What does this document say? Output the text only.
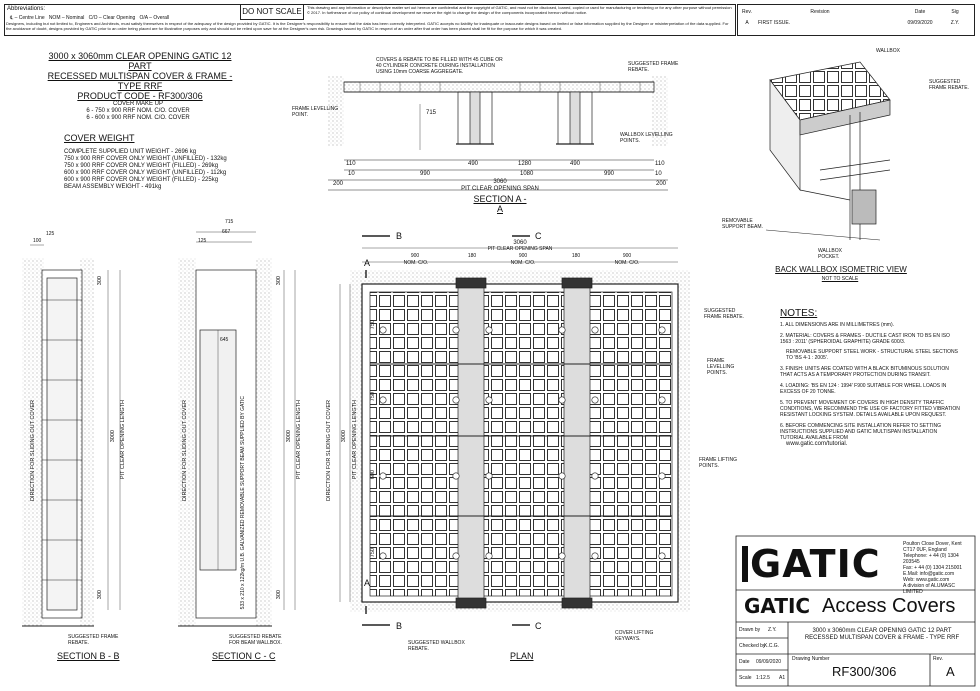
Abbreviations:
℄ – Centre Line NOM – Nominal C/O – Clear Opening O/A – Overall
DO NOT SCALE	This drawing and any information or descriptive matter set out hereon are confidential and the copyright of GATIC, and must not be disclosed, loaned, copied or used for manufacturing or tendering or for any other purpose without permission © 2017. In furtherance of our policy of continual development we reserve the right to change the design of the components incorporated hereon without notice.
Designers, including but not limited to, Engineers and Architects, must satisfy themselves in respect of the adequacy of the design provided by GATIC. It is the Designer's responsibility to ensure that the data has been correctly interpreted. GATIC accepts no liability for inadequate or inaccurate designs based on limited or false information supplied by the Designer or misinterpretation of the data supplied. For the avoidance of doubt, designs provided by GATIC prior to an order being placed are for illustrative purposes only and should not be relied upon save for at the Designer's own risk. Drawings issued by GATIC in respect of an order after that order has been placed shall be fit for the purpose for which it was created.
Rev.	Revision	Date	Sig
A	FIRST ISSUE.	09/09/2020	Z.Y.
3000 x 3060mm CLEAR OPENING GATIC 12 PART
RECESSED MULTISPAN COVER & FRAME - TYPE RRF
PRODUCT CODE - RF300/306
COVER MAKE UP
6 - 750 x 900 RRF NOM. C/O. COVER
6 - 600 x 900 RRF NOM. C/O. COVER
COVER WEIGHT
COMPLETE SUPPLIED UNIT WEIGHT - 2696 kg
750 x 900 RRF COVER ONLY WEIGHT (UNFILLED) - 132kg
750 x 900 RRF COVER ONLY WEIGHT (FILLED) - 269kg
600 x 900 RRF COVER ONLY WEIGHT (UNFILLED) - 112kg
600 x 900 RRF COVER ONLY WEIGHT (FILLED) - 225kg
BEAM ASSEMBLY WEIGHT - 491kg
COVERS & REBATE TO BE FILLED WITH 45 CUBE OR 40 CYLINDER CONCRETE DURING INSTALLATION USING 10mm COARSE AGGREGATE.
SUGGESTED FRAME REBATE.
FRAME LEVELLING POINT.
WALLBOX LEVELLING POINTS.
715
110	490	1280	490	110
10	990	1080	990	10
200	200
3060
PIT CLEAR OPENING SPAN
SECTION A - A
WALLBOX
SUGGESTED FRAME REBATE.
REMOVABLE SUPPORT BEAM.
WALLBOX POCKET.
BACK WALLBOX ISOMETRIC VIEW
NOT TO SCALE
125
100
300
300
3000 PIT CLEAR OPENING LENGTH
DIRECTION FOR SLIDING OUT COVER
SUGGESTED FRAME REBATE.
SECTION B - B
715
667
125
645
533 x 210 x 122kg/m U.B. GALVANIZED REMOVABLE SUPPORT BEAM SUPPLIED BY GATIC	3000 PIT CLEAR OPENING LENGTH
DIRECTION FOR SLIDING OUT COVER
300
300
SUGGESTED REBATE FOR BEAM WALLBOX.
SECTION C - C
B	C
B	C
A
A
3060
PIT CLEAR OPENING SPAN
900	180	900	180	900
NOM. C/O.	NOM. C/O.	NOM. C/O.
3000 PIT CLEAR OPENING LENGTH
DIRECTION FOR SLIDING OUT COVER
750
750
600
750
SUGGESTED FRAME REBATE.
FRAME LEVELLING POINTS.
FRAME LIFTING POINTS.
SUGGESTED WALLBOX REBATE.
COVER LIFTING KEYWAYS.
PLAN
NOTES:
1. ALL DIMENSIONS ARE IN MILLIMETRES (mm).
2. MATERIAL: COVERS & FRAMES - DUCTILE CAST IRON TO BS EN ISO 1563 : 2011' (SPHEROIDAL GRAPHITE) GRADE 600/3.
REMOVABLE SUPPORT STEEL WORK - STRUCTURAL STEEL SECTIONS TO 'BS 4-1 : 2005'.
3. FINISH: UNITS ARE COATED WITH A BLACK BITUMINOUS SOLUTION THAT ACTS AS A TEMPORARY PROTECTION DURING TRANSIT.
4. LOADING: 'BS EN 124 : 1994' F900 SUITABLE FOR WHEEL LOADS IN EXCESS OF 20 TONNE.
5. TO PREVENT MOVEMENT OF COVERS IN HIGH DENSITY TRAFFIC CONDITIONS, WE RECOMMEND THE USE OF FACTORY FITTED VIBRATION RESISTANT LOCKING SYSTEM. DETAILS AVAILABLE UPON REQUEST.
6. BEFORE COMMENCING SITE INSTALLATION REFER TO SETTING INSTRUCTIONS SUPPLIED AND GATIC MULTISPAN INSTALLATION TUTORIAL AVAILABLE FROM
www.gatic.com/tutorial.
GATIC	Poulton Close Dover, Kent
CT17 0UF, England
Telephone: + 44 (0) 1304 203545
Fax: + 44 (0) 1304 215001
E.Mail: info@gatic.com
Web: www.gatic.com
A division of ALUMASC LIMITED
GATIC Access Covers
Drawn by Z.Y.
Checked by
K.C.G.
Date 09/09/2020
Scale 1:12.5 A1
3000 x 3060mm CLEAR OPENING GATIC 12 PART
RECESSED MULTISPAN COVER & FRAME - TYPE RRF
Drawing Number
RF300/306
Rev.
A
